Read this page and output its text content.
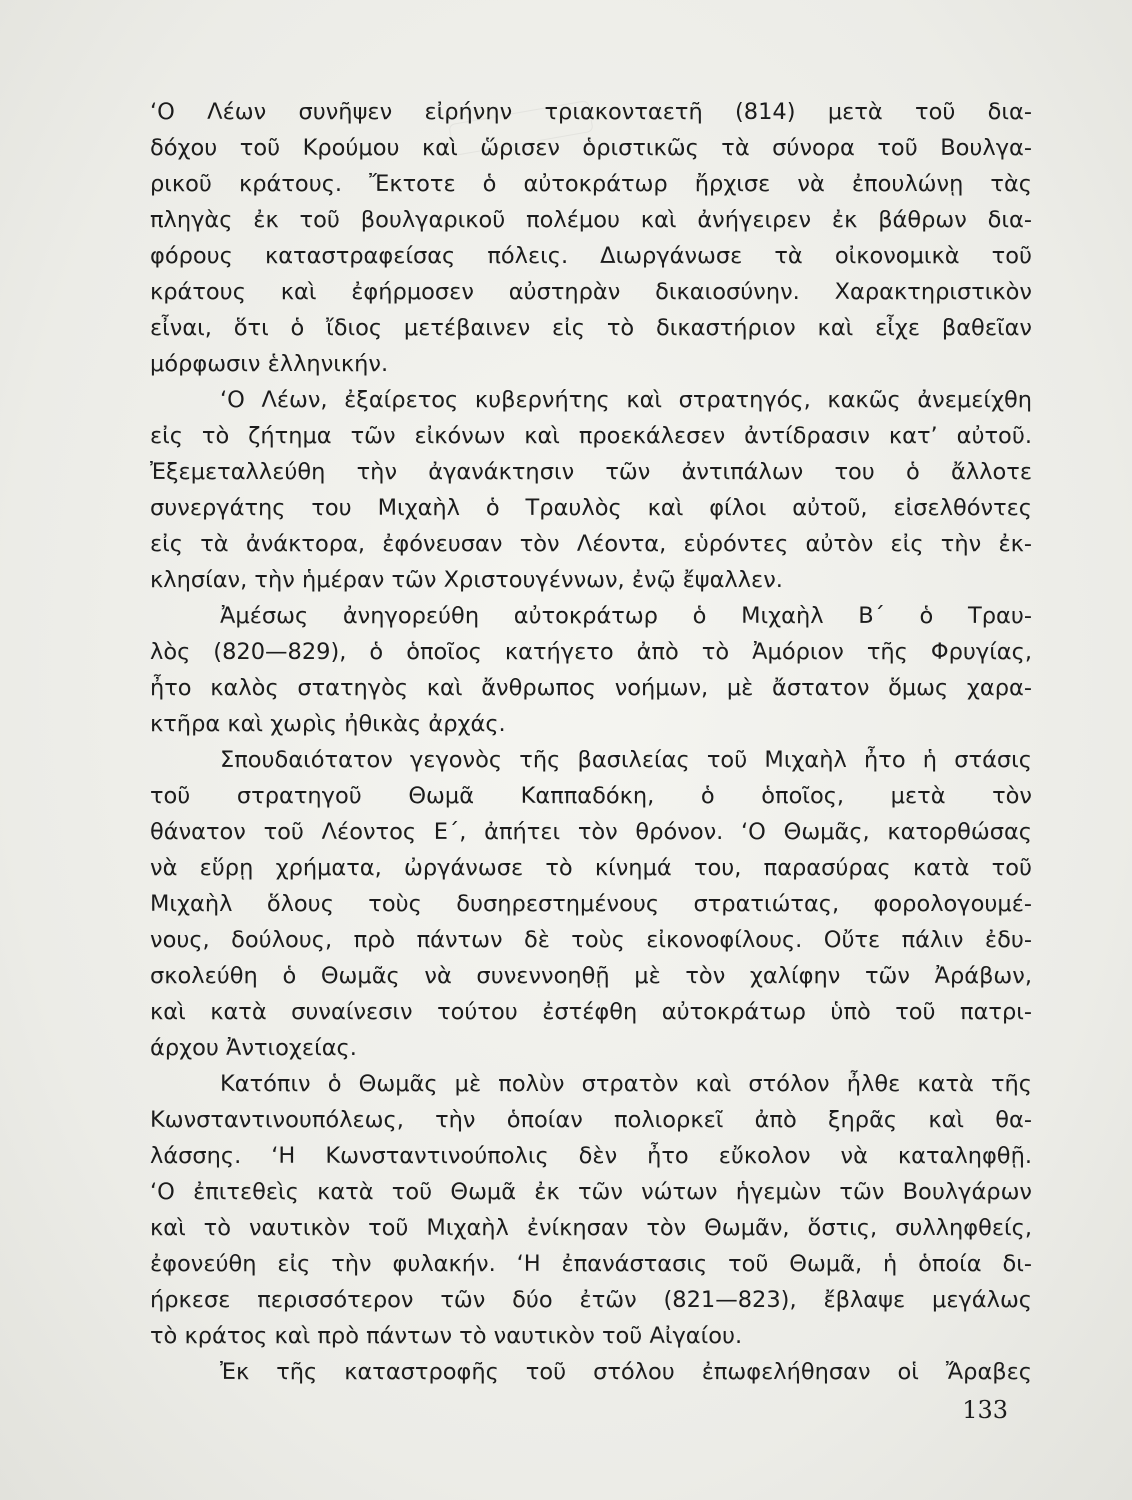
‘Ο Λέων συνῆψεν εἰρήνην τριακονταετῆ (814) μετὰ τοῦ δια-
δόχου τοῦ Κρούμου καὶ ὥρισεν ὁριστικῶς τὰ σύνορα τοῦ Βουλγα-
ρικοῦ κράτους. Ἔκτοτε ὁ αὐτοκράτωρ ἤρχισε νὰ ἐπουλώνῃ τὰς
πληγὰς ἐκ τοῦ βουλγαρικοῦ πολέμου καὶ ἀνήγειρεν ἐκ βάθρων δια-
φόρους καταστραφείσας πόλεις. Διωργάνωσε τὰ οἰκονομικὰ τοῦ
κράτους καὶ ἐφήρμοσεν αὐστηρὰν δικαιοσύνην. Χαρακτηριστικὸν
εἶναι, ὅτι ὁ ἴδιος μετέβαινεν εἰς τὸ δικαστήριον καὶ εἶχε βαθεῖαν
μόρφωσιν ἑλληνικήν.
‘Ο Λέων, ἐξαίρετος κυβερνήτης καὶ στρατηγός, κακῶς ἀνεμείχθη
εἰς τὸ ζήτημα τῶν εἰκόνων καὶ προεκάλεσεν ἀντίδρασιν κατ’ αὐτοῦ.
Ἐξεμεταλλεύθη τὴν ἀγανάκτησιν τῶν ἀντιπάλων του ὁ ἄλλοτε
συνεργάτης του Μιχαὴλ ὁ Τραυλὸς καὶ φίλοι αὐτοῦ, εἰσελθόντες
εἰς τὰ ἀνάκτορα, ἐφόνευσαν τὸν Λέοντα, εὑρόντες αὐτὸν εἰς τὴν ἐκ-
κλησίαν, τὴν ἡμέραν τῶν Χριστουγέννων, ἐνῷ ἔψαλλεν.
Ἀμέσως ἀνηγορεύθη αὐτοκράτωρ ὁ Μιχαὴλ Β΄ ὁ Τραυ-
λὸς (820—829), ὁ ὁποῖος κατήγετο ἀπὸ τὸ Ἀμόριον τῆς Φρυγίας,
ἦτο καλὸς στατηγὸς καὶ ἄνθρωπος νοήμων, μὲ ἄστατον ὅμως χαρα-
κτῆρα καὶ χωρὶς ἠθικὰς ἀρχάς.
Σπουδαιότατον γεγονὸς τῆς βασιλείας τοῦ Μιχαὴλ ἦτο ἡ στάσις
τοῦ στρατηγοῦ Θωμᾶ Καππαδόκη, ὁ ὁποῖος, μετὰ τὸν
θάνατον τοῦ Λέοντος Ε΄, ἀπήτει τὸν θρόνον. ‘Ο Θωμᾶς, κατορθώσας
νὰ εὕρῃ χρήματα, ὠργάνωσε τὸ κίνημά του, παρασύρας κατὰ τοῦ
Μιχαὴλ ὅλους τοὺς δυσηρεστημένους στρατιώτας, φορολογουμέ-
νους, δούλους, πρὸ πάντων δὲ τοὺς εἰκονοφίλους. Οὔτε πάλιν ἐδυ-
σκολεύθη ὁ Θωμᾶς νὰ συνεννοηθῇ μὲ τὸν χαλίφην τῶν Ἀράβων,
καὶ κατὰ συναίνεσιν τούτου ἐστέφθη αὐτοκράτωρ ὑπὸ τοῦ πατρι-
άρχου Ἀντιοχείας.
Κατόπιν ὁ Θωμᾶς μὲ πολὺν στρατὸν καὶ στόλον ἦλθε κατὰ τῆς
Κωνσταντινουπόλεως, τὴν ὁποίαν πολιορκεῖ ἀπὸ ξηρᾶς καὶ θα-
λάσσης. ‘Η Κωνσταντινούπολις δὲν ἦτο εὔκολον νὰ καταληφθῇ.
‘Ο ἐπιτεθεὶς κατὰ τοῦ Θωμᾶ ἐκ τῶν νώτων ἡγεμὼν τῶν Βουλγάρων
καὶ τὸ ναυτικὸν τοῦ Μιχαὴλ ἐνίκησαν τὸν Θωμᾶν, ὅστις, συλληφθείς,
ἐφονεύθη εἰς τὴν φυλακήν. ‘Η ἐπανάστασις τοῦ Θωμᾶ, ἡ ὁποία δι-
ήρκεσε περισσότερον τῶν δύο ἐτῶν (821—823), ἔβλαψε μεγάλως
τὸ κράτος καὶ πρὸ πάντων τὸ ναυτικὸν τοῦ Αἰγαίου.
Ἐκ τῆς καταστροφῆς τοῦ στόλου ἐπωφελήθησαν οἱ Ἄραβες
133
